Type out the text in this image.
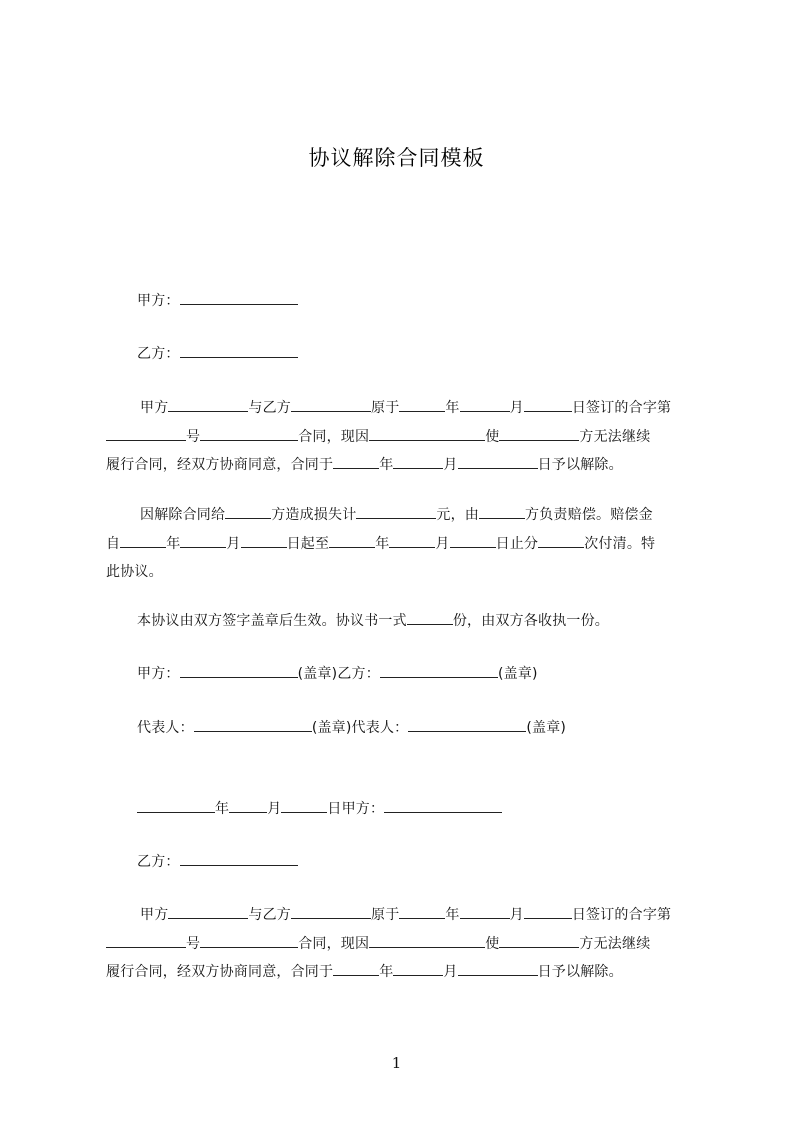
协议解除合同模板
甲方：
乙方：
甲方	与乙方	原于	年	月	日签订的合字第
号	合同，现因	使	方无法继续
履行合同，经双方协商同意，合同于	年	月	日予以解除。
因解除合同给	方造成损失计	元，由	方负责赔偿。赔偿金
自	年	月	日起至	年	月	日止分	次付清。特
此协议。
本协议由双方签字盖章后生效。协议书一式	份，由双方各收执一份。
甲方：	(盖章)乙方：	(盖章)
代表人：	(盖章)代表人：	(盖章)
年	月	日甲方：
乙方：
甲方	与乙方	原于	年	月	日签订的合字第
号	合同，现因	使	方无法继续
履行合同，经双方协商同意，合同于	年	月	日予以解除。
1
